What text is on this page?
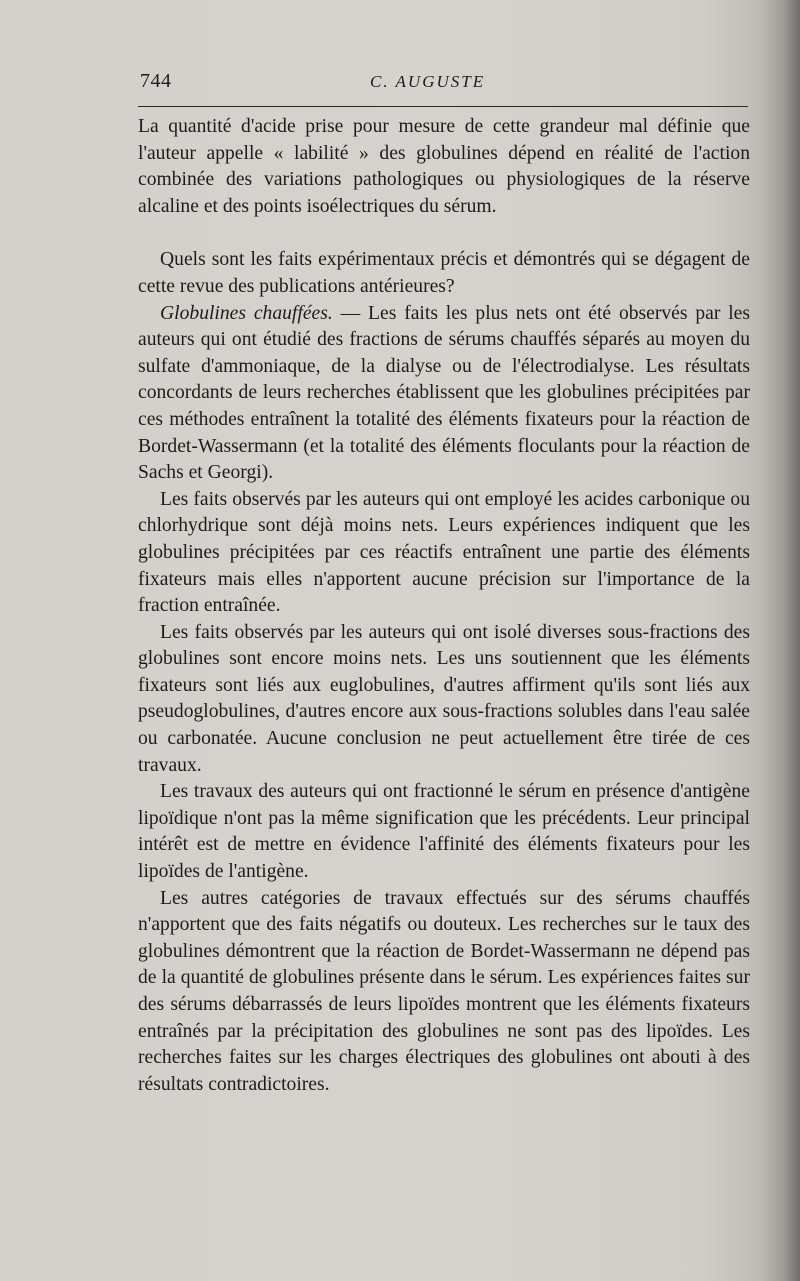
744	C. AUGUSTE

La quantité d'acide prise pour mesure de cette grandeur mal définie que l'auteur appelle « labilité » des globulines dépend en réalité de l'action combinée des variations pathologiques ou physiologiques de la réserve alcaline et des points isoélectriques du sérum.

Quels sont les faits expérimentaux précis et démontrés qui se dégagent de cette revue des publications antérieures?

Globulines chauffées. — Les faits les plus nets ont été observés par les auteurs qui ont étudié des fractions de sérums chauffés séparés au moyen du sulfate d'ammoniaque, de la dialyse ou de l'électrodialyse. Les résultats concordants de leurs recherches établissent que les globulines précipitées par ces méthodes entraînent la totalité des éléments fixateurs pour la réaction de Bordet-Wassermann (et la totalité des éléments floculants pour la réaction de Sachs et Georgi).

Les faits observés par les auteurs qui ont employé les acides carbonique ou chlorhydrique sont déjà moins nets. Leurs expériences indiquent que les globulines précipitées par ces réactifs entraînent une partie des éléments fixateurs mais elles n'apportent aucune précision sur l'importance de la fraction entraînée.

Les faits observés par les auteurs qui ont isolé diverses sous-fractions des globulines sont encore moins nets. Les uns soutiennent que les éléments fixateurs sont liés aux euglobulines, d'autres affirment qu'ils sont liés aux pseudoglobulines, d'autres encore aux sous-fractions solubles dans l'eau salée ou carbonatée. Aucune conclusion ne peut actuellement être tirée de ces travaux.

Les travaux des auteurs qui ont fractionné le sérum en présence d'antigène lipoïdique n'ont pas la même signification que les précédents. Leur principal intérêt est de mettre en évidence l'affinité des éléments fixateurs pour les lipoïdes de l'antigène.

Les autres catégories de travaux effectués sur des sérums chauffés n'apportent que des faits négatifs ou douteux. Les recherches sur le taux des globulines démontrent que la réaction de Bordet-Wassermann ne dépend pas de la quantité de globulines présente dans le sérum. Les expériences faites sur des sérums débarrassés de leurs lipoïdes montrent que les éléments fixateurs entraînés par la précipitation des globulines ne sont pas des lipoïdes. Les recherches faites sur les charges électriques des globulines ont abouti à des résultats contradictoires.
